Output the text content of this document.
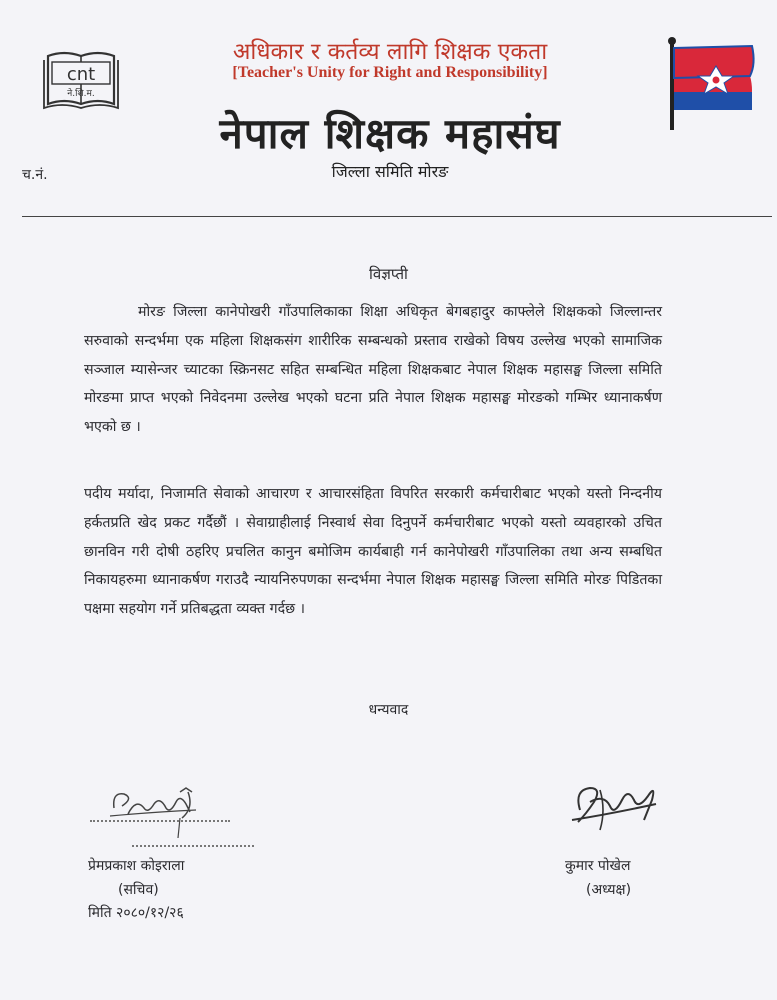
cnt
ने.शि.म.
अधिकार र कर्तव्य लागि शिक्षक एकता
[Teacher's Unity for Right and Responsibility]
नेपाल शिक्षक महासंघ
जिल्ला समिति मोरङ
च.नं.
विज्ञप्ती
मोरङ जिल्ला कानेपोखरी गाँउपालिकाका शिक्षा अधिकृत बेगबहादुर काफ्लेले शिक्षकको जिल्लान्तर सरुवाको सन्दर्भमा एक महिला शिक्षकसंग शारीरिक सम्बन्धको प्रस्ताव राखेको विषय उल्लेख भएको सामाजिक सञ्जाल म्यासेन्जर च्याटका स्क्रिनसट सहित सम्बन्धित महिला शिक्षकबाट नेपाल शिक्षक महासङ्घ जिल्ला समिति मोरङमा प्राप्त भएको निवेदनमा उल्लेख भएको घटना प्रति नेपाल शिक्षक महासङ्घ मोरङको गम्भिर ध्यानाकर्षण भएको छ ।
पदीय मर्यादा, निजामति सेवाको आचारण र आचारसंहिता विपरित सरकारी कर्मचारीबाट भएको यस्तो निन्दनीय हर्कतप्रति खेद प्रकट गर्दैछौं । सेवाग्राहीलाई निस्वार्थ सेवा दिनुपर्ने कर्मचारीबाट भएको यस्तो व्यवहारको उचित छानविन गरी दोषी ठहरिए प्रचलित कानुन बमोजिम कार्यबाही गर्न कानेपोखरी गाँउपालिका तथा अन्य सम्बधित निकायहरुमा ध्यानाकर्षण गराउदै न्यायनिरुपणका सन्दर्भमा नेपाल शिक्षक महासङ्घ जिल्ला समिति मोरङ पिडितका पक्षमा सहयोग गर्ने प्रतिबद्धता व्यक्त गर्दछ ।
धन्यवाद
प्रेमप्रकाश कोइराला
(सचिव)
मिति २०८०/१२/२६
कुमार पोखेल
(अध्यक्ष)
